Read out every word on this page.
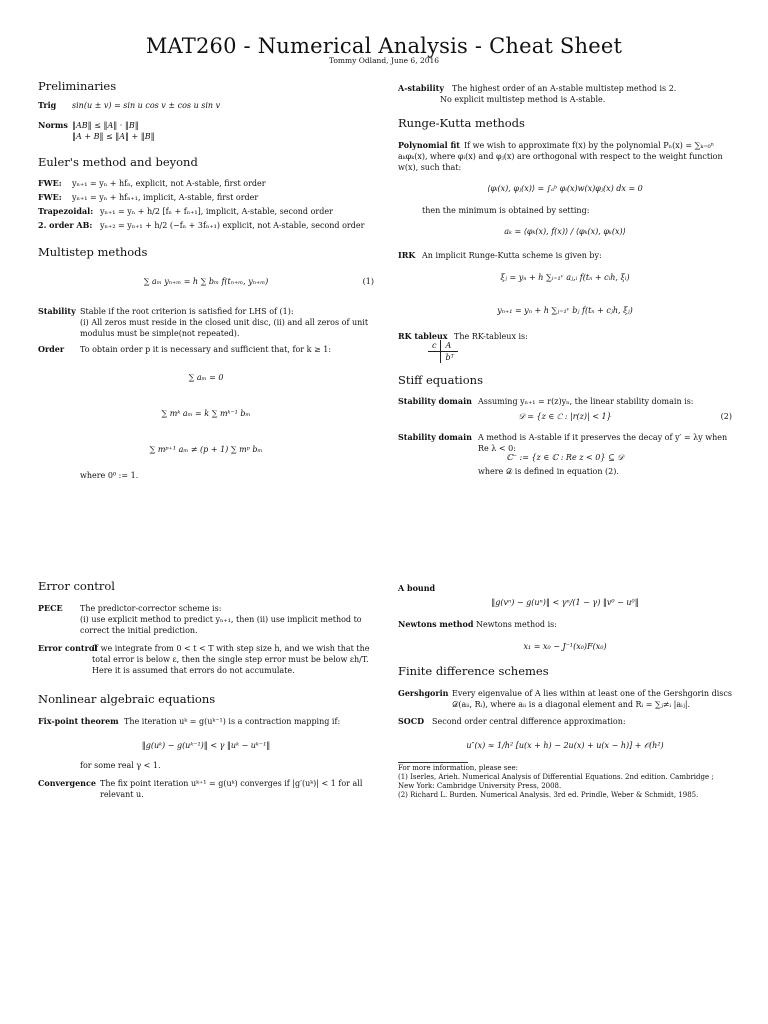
MAT260 - Numerical Analysis - Cheat Sheet
Tommy Odland, June 6, 2016
Preliminaries
Trig sin(u ± v) = sin u cos v ± cos u sin v
Norms ‖AB‖ ≤ ‖A‖ · ‖B‖
‖A + B‖ ≤ ‖A‖ + ‖B‖
Euler's method and beyond
FWE: yₙ₊₁ = yₙ + hfₙ, explicit, not A-stable, first order
FWE: yₙ₊₁ = yₙ + hfₙ₊₁, implicit, A-stable, first order
Trapezoidal: yₙ₊₁ = yₙ + h/2 [fₙ + fₙ₊₁], implicit, A-stable, second order
2. order AB: yₙ₊₂ = yₙ₊₁ + h/2 (−fₙ + 3fₙ₊₁) explicit, not A-stable, second order
Multistep methods
∑ aₘ yₙ₊ₘ = h ∑ bₘ f(tₙ₊ₘ, yₙ₊ₘ)	(1)
Stability Stable if the root criterion is satisfied for LHS of (1):
(i) All zeros must reside in the closed unit disc, (ii) and all zeros of unit modulus must be simple(not repeated).
Order To obtain order p it is necessary and sufficient that, for k ≥ 1:
∑ aₘ = 0
∑ mᵏ aₘ = k ∑ mᵏ⁻¹ bₘ
∑ mᵖ⁺¹ aₘ ≠ (p + 1) ∑ mᵖ bₘ
where 0⁰ := 1.
Error control
PECE The predictor-corrector scheme is:
(i) use explicit method to predict yₙ₊₁, then (ii) use implicit method to correct the initial prediction.
Error control
If we integrate from 0 < t < T with step size h, and we wish that the total error is below ε, then the single step error must be below εh/T. Here it is assumed that errors do not accumulate.
Nonlinear algebraic equations
Fix-point theorem The iteration uᵏ = g(uᵏ⁻¹) is a contraction mapping if:
‖g(uᵏ) − g(uᵏ⁻¹)‖ < γ ‖uᵏ − uᵏ⁻¹‖
for some real γ < 1.
Convergence The fix point iteration uᵏ⁺¹ = g(uᵏ) converges if |g′(uᵏ)| < 1 for all relevant u.
A-stability The highest order of an A-stable multistep method is 2.
No explicit multistep method is A-stable.
Runge-Kutta methods
Polynomial fit If we wish to approximate f(x) by the polynomial Pₙ(x) = ∑ₖ₌₀ⁿ aₖφₖ(x), where φᵢ(x) and φⱼ(x) are orthogonal with respect to the weight function w(x), such that:
⟨φᵢ(x), φⱼ(x)⟩ = ∫ₐᵇ φᵢ(x)w(x)φⱼ(x) dx = 0
then the minimum is obtained by setting:
aₖ = ⟨φₖ(x), f(x)⟩ / ⟨φₖ(x), φₖ(x)⟩
IRK An implicit Runge-Kutta scheme is given by:
ξⱼ = yₙ + h ∑ᵢ₌₁ᵛ aⱼ,ᵢ f(tₙ + cᵢh, ξᵢ)
yₙ₊₁ = yₙ + h ∑ⱼ₌₁ᵛ bⱼ f(tₙ + cⱼh, ξⱼ)
RK tableux The RK-tableux is:
c	A
	bᵀ
Stiff equations
Stability domain Assuming yₙ₊₁ = r(z)yₙ, the linear stability domain is:
𝒟 = {z ∈ ℂ : |r(z)| < 1}	(2)
Stability domain A method is A-stable if it preserves the decay of y′ = λy when Re λ < 0:
ℂ⁻ := {z ∈ ℂ : Re z < 0} ⊆ 𝒟
where 𝒟 is defined in equation (2).
A bound
‖g(vⁿ) − g(uⁿ)‖ < γⁿ/(1 − γ) ‖v⁰ − u⁰‖
Newtons method Newtons method is:
x₁ = x₀ − J⁻¹(x₀)F(x₀)
Finite difference schemes
Gershgorin Every eigenvalue of A lies within at least one of the Gershgorin discs 𝒟(aᵢᵢ, Rᵢ), where aᵢᵢ is a diagonal element and Rᵢ = ∑ⱼ≠ᵢ |aᵢⱼ|.
SOCD Second order central difference approximation:
u″(x) ≈ 1/h² [u(x + h) − 2u(x) + u(x − h)] + 𝒪(h²)
For more information, please see:
(1) Iserles, Arieh. Numerical Analysis of Differential Equations. 2nd edition. Cambridge ; New York: Cambridge University Press, 2008.
(2) Richard L. Burden. Numerical Analysis. 3rd ed. Prindle, Weber & Schmidt, 1985.
